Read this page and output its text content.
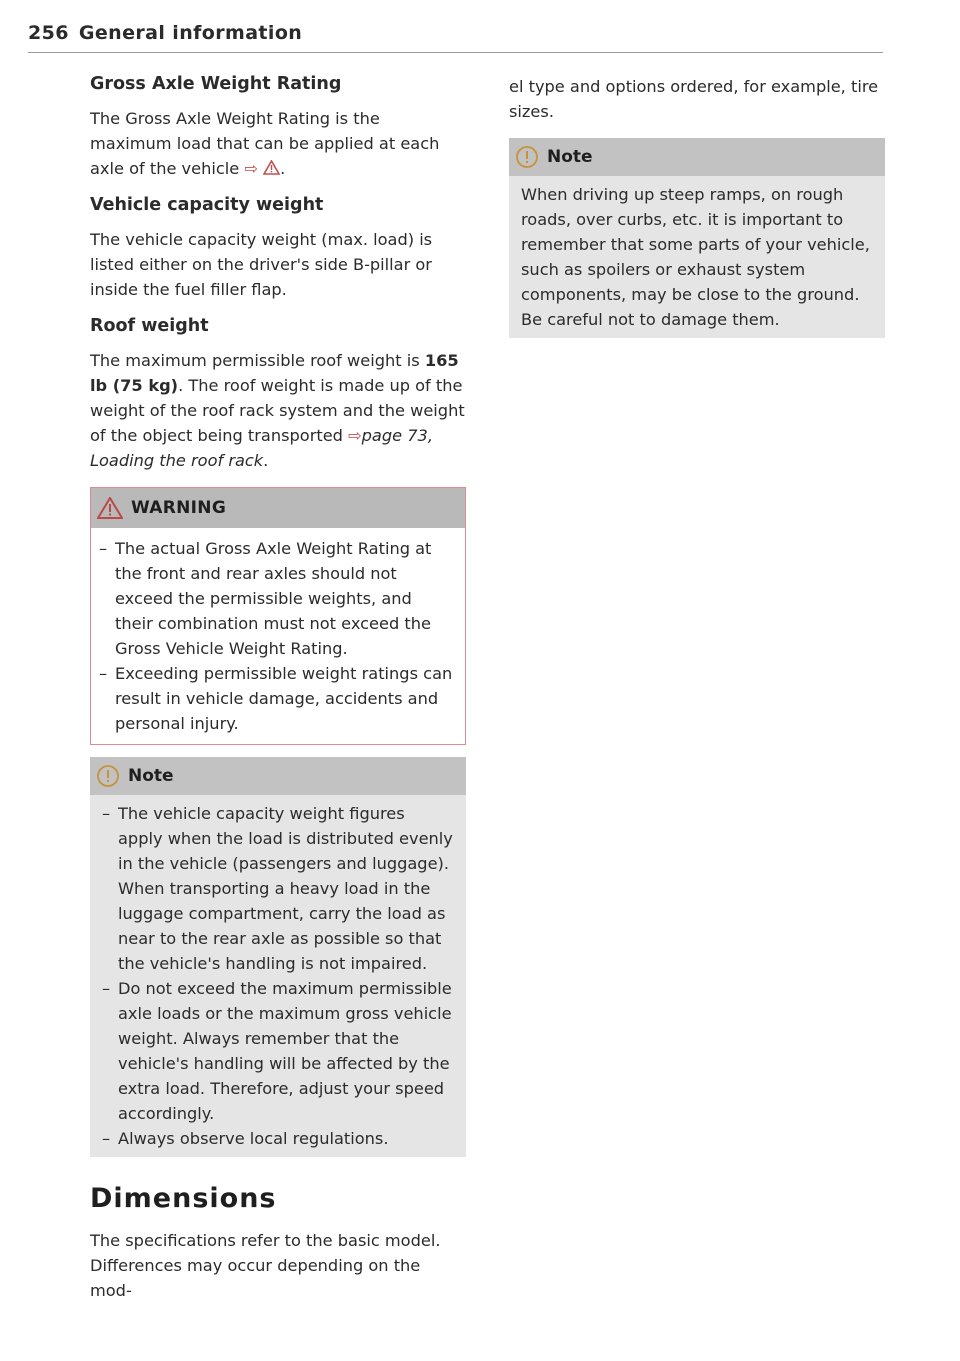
256 General information
Gross Axle Weight Rating

The Gross Axle Weight Rating is the maximum load that can be applied at each axle of the vehicle ⇨ .

Vehicle capacity weight

The vehicle capacity weight (max. load) is listed either on the driver's side B-pillar or inside the fuel filler flap.

Roof weight

The maximum permissible roof weight is 165 lb (75 kg). The roof weight is made up of the weight of the roof rack system and the weight of the object being transported ⇨page 73, Loading the roof rack.

WARNING
– The actual Gross Axle Weight Rating at the front and rear axles should not exceed the permissible weights, and their combination must not exceed the Gross Vehicle Weight Rating.
– Exceeding permissible weight ratings can result in vehicle damage, accidents and personal injury.
Note
– The vehicle capacity weight figures apply when the load is distributed evenly in the vehicle (passengers and luggage). When transporting a heavy load in the luggage compartment, carry the load as near to the rear axle as possible so that the vehicle's handling is not impaired.
– Do not exceed the maximum permissible axle loads or the maximum gross vehicle weight. Always remember that the vehicle's handling will be affected by the extra load. Therefore, adjust your speed accordingly.
– Always observe local regulations.
Dimensions

The specifications refer to the basic model. Differences may occur depending on the mod-

el type and options ordered, for example, tire sizes.

Note

When driving up steep ramps, on rough roads, over curbs, etc. it is important to remember that some parts of your vehicle, such as spoilers or exhaust system components, may be close to the ground. Be careful not to damage them.
